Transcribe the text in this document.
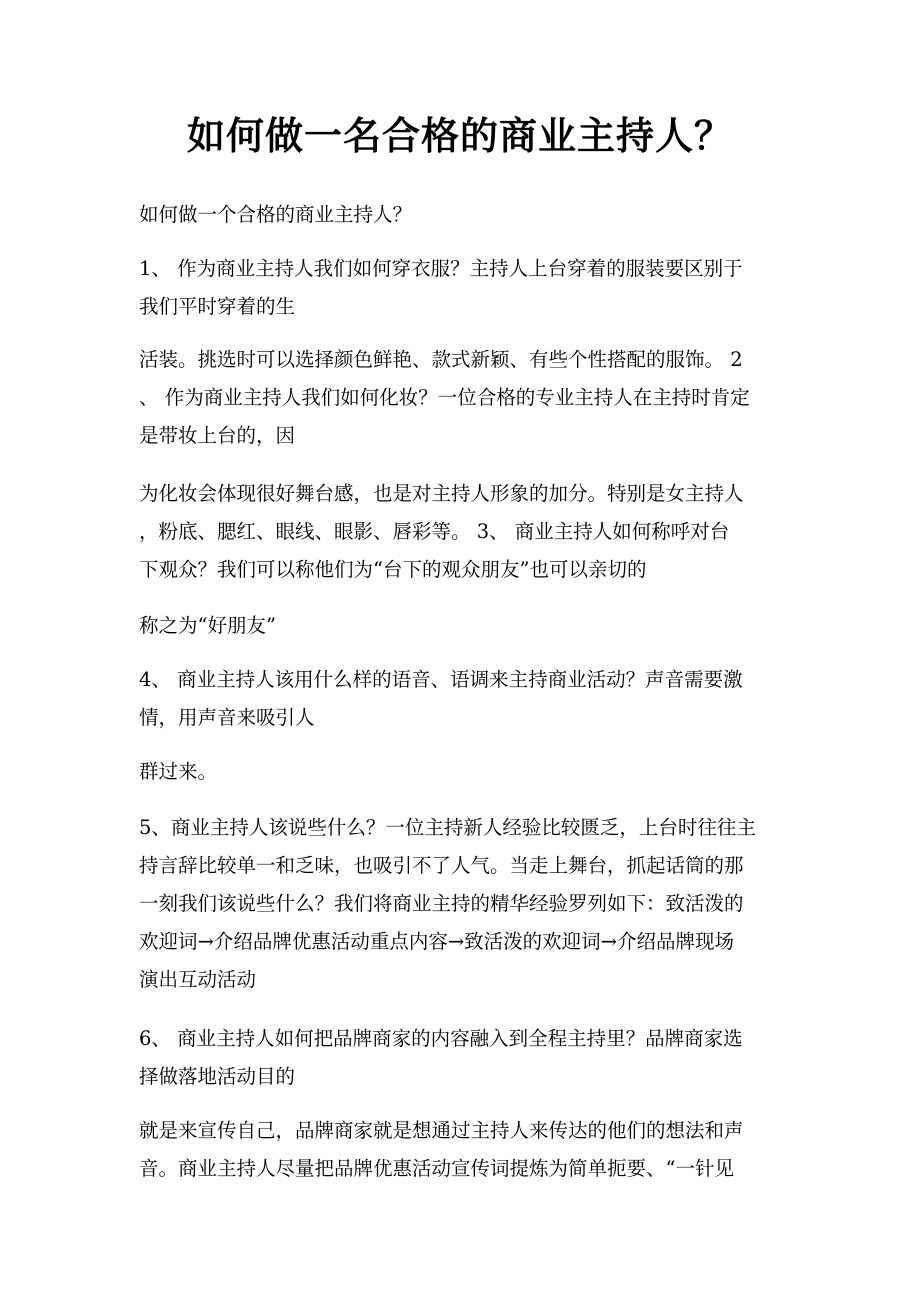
如何做一名合格的商业主持人？
如何做一个合格的商业主持人？
1、 作为商业主持人我们如何穿衣服？主持人上台穿着的服装要区别于
我们平时穿着的生
活装。挑选时可以选择颜色鲜艳、款式新颖、有些个性搭配的服饰。 2
、 作为商业主持人我们如何化妆？一位合格的专业主持人在主持时肯定
是带妆上台的，因
为化妆会体现很好舞台感，也是对主持人形象的加分。特别是女主持人
，粉底、腮红、眼线、眼影、唇彩等。 3、 商业主持人如何称呼对台
下观众？我们可以称他们为“台下的观众朋友”也可以亲切的
称之为“好朋友”
4、 商业主持人该用什么样的语音、语调来主持商业活动？声音需要激
情，用声音来吸引人
群过来。
5、商业主持人该说些什么？一位主持新人经验比较匮乏，上台时往往主
持言辞比较单一和乏味，也吸引不了人气。当走上舞台，抓起话筒的那
一刻我们该说些什么？我们将商业主持的精华经验罗列如下：致活泼的
欢迎词→介绍品牌优惠活动重点内容→致活泼的欢迎词→介绍品牌现场
演出互动活动
6、 商业主持人如何把品牌商家的内容融入到全程主持里？品牌商家选
择做落地活动目的
就是来宣传自己，品牌商家就是想通过主持人来传达的他们的想法和声
音。商业主持人尽量把品牌优惠活动宣传词提炼为简单扼要、“一针见
